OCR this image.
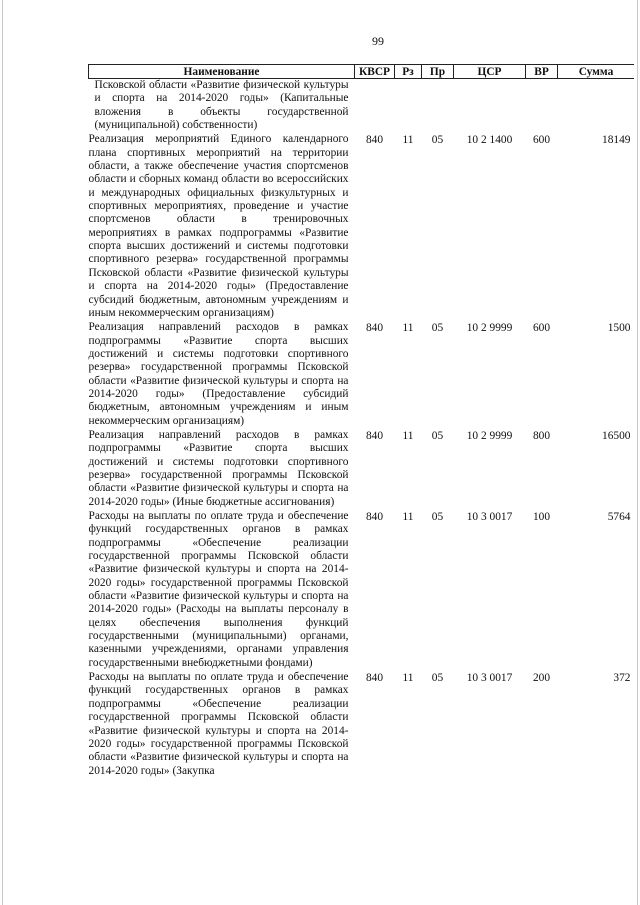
99
Наименование	КВСР	Рз	Пр	ЦСР	ВР	Сумма

Псковской области «Развитие физической культуры и спорта на 2014-2020 годы» (Капитальные вложения в объекты государственной (муниципальной) собственности)						

Реализация мероприятий Единого календарного плана спортивных мероприятий на территории области, а также обеспечение участия спортсменов области и сборных команд области во всероссийских и международных официальных физкультурных и спортивных мероприятиях, проведение и участие спортсменов области в тренировочных мероприятиях в рамках подпрограммы «Развитие спорта высших достижений и системы подготовки спортивного резерва» государственной программы Псковской области «Развитие физической культуры и спорта на 2014-2020 годы» (Предоставление субсидий бюджетным, автономным учреждениям и иным некоммерческим организациям)	840	11	05	10 2 1400	600	18149
Реализация направлений расходов в рамках подпрограммы «Развитие спорта высших достижений и системы подготовки спортивного резерва» государственной программы Псковской области «Развитие физической культуры и спорта на 2014-2020 годы» (Предоставление субсидий бюджетным, автономным учреждениям и иным некоммерческим организациям)	840	11	05	10 2 9999	600	1500
Реализация направлений расходов в рамках подпрограммы «Развитие спорта высших достижений и системы подготовки спортивного резерва» государственной программы Псковской области «Развитие физической культуры и спорта на 2014-2020 годы» (Иные бюджетные ассигнования)	840	11	05	10 2 9999	800	16500
Расходы на выплаты по оплате труда и обеспечение функций государственных органов в рамках подпрограммы «Обеспечение реализации государственной программы Псковской области «Развитие физической культуры и спорта на 2014-2020 годы» государственной программы Псковской области «Развитие физической культуры и спорта на 2014-2020 годы» (Расходы на выплаты персоналу в целях обеспечения выполнения функций государственными (муниципальными) органами, казенными учреждениями, органами управления государственными внебюджетными фондами)	840	11	05	10 3 0017	100	5764
Расходы на выплаты по оплате труда и обеспечение функций государственных органов в рамках подпрограммы «Обеспечение реализации государственной программы Псковской области «Развитие физической культуры и спорта на 2014-2020 годы» государственной программы Псковской области «Развитие физической культуры и спорта на 2014-2020 годы» (Закупка	840	11	05	10 3 0017	200	372
